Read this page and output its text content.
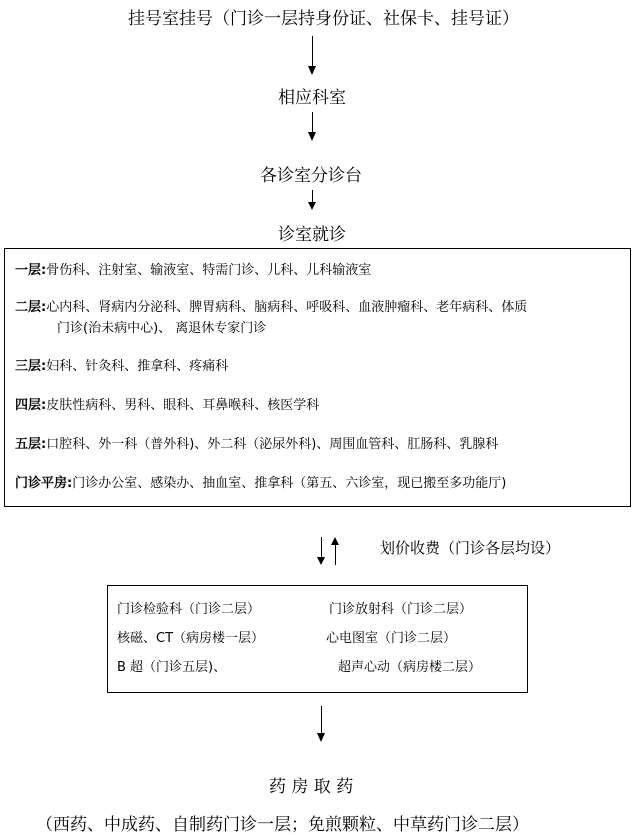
挂号室挂号（门诊一层持身份证、社保卡、挂号证）
相应科室
各诊室分诊台
诊室就诊
一层:骨伤科、注射室、输液室、特需门诊、儿科、儿科输液室
二层:心内科、肾病内分泌科、脾胃病科、脑病科、呼吸科、血液肿瘤科、老年病科、体质
门诊(治未病中心)、 离退休专家门诊
三层:妇科、针灸科、推拿科、疼痛科
四层:皮肤性病科、男科、眼科、耳鼻喉科、核医学科
五层:口腔科、外一科（普外科)、外二科（泌尿外科)、周围血管科、肛肠科、乳腺科
门诊平房:门诊办公室、感染办、抽血室、推拿科（第五、六诊室，现已搬至多功能厅)
划价收费（门诊各层均设）
门诊检验科（门诊二层）	门诊放射科（门诊二层）
核磁、CT（病房楼一层）	心电图室（门诊二层）
B 超（门诊五层)、	超声心动（病房楼二层）
药 房 取 药
（西药、中成药、自制药门诊一层；免煎颗粒、中草药门诊二层）
